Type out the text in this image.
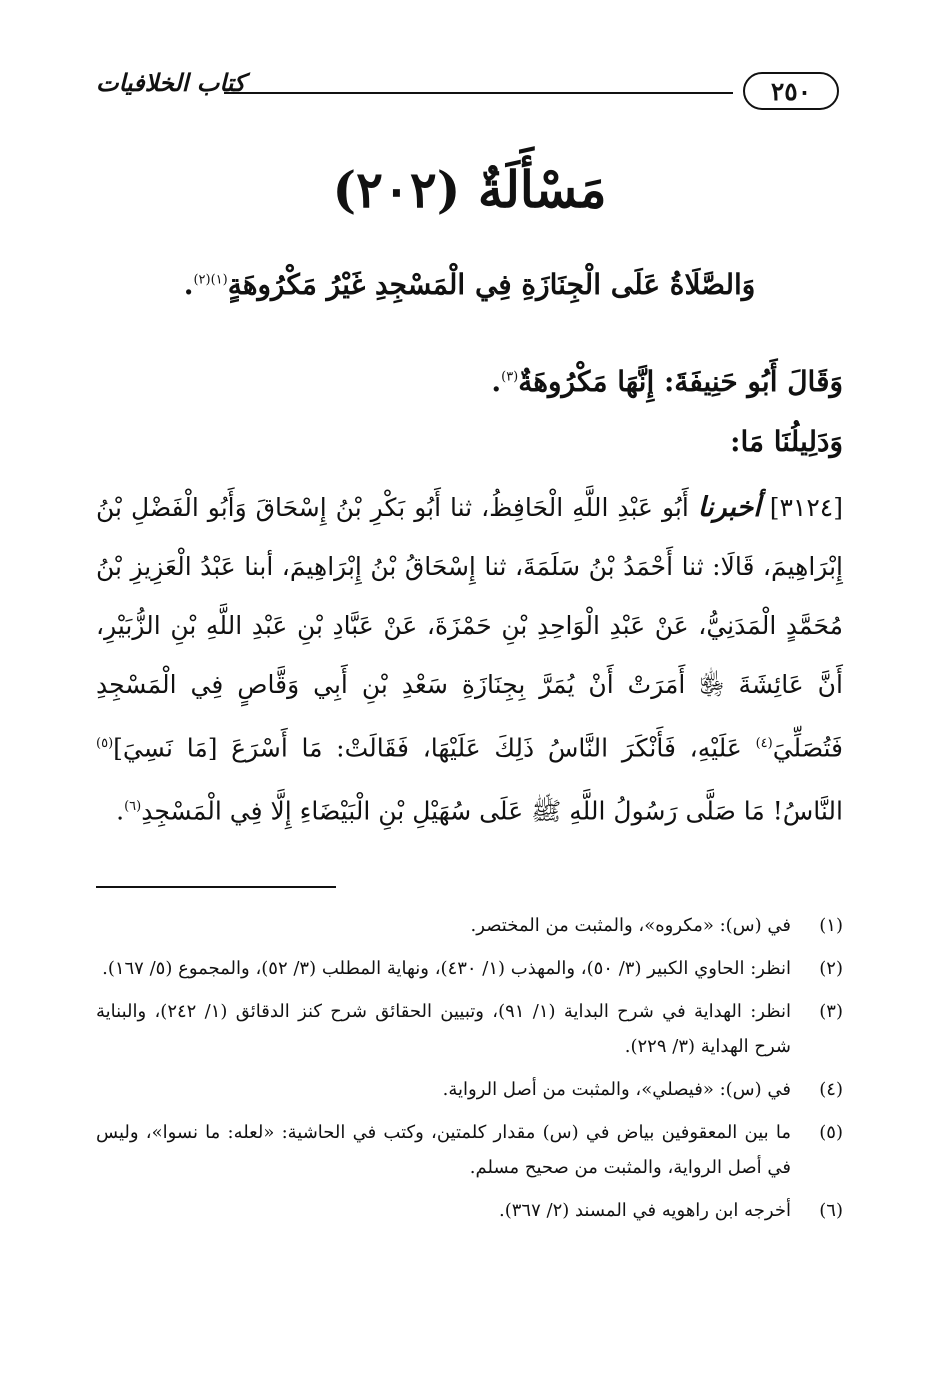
٢٥٠
كتاب الخلافيات
مَسْأَلَةٌ (٢٠٢)
وَالصَّلَاةُ عَلَى الْجِنَازَةِ فِي الْمَسْجِدِ غَيْرُ مَكْرُوهَةٍ$^{(١)(٢)}$.
وَقَالَ أَبُو حَنِيفَةَ: إِنَّهَا مَكْرُوهَةٌ$^{(٣)}$.
وَدَلِيلُنَا مَا:
[٣١٢٤] أخبرنا أَبُو عَبْدِ اللَّهِ الْحَافِظُ، ثنا أَبُو بَكْرِ بْنُ إِسْحَاقَ وَأَبُو الْفَضْلِ بْنُ إِبْرَاهِيمَ، قَالَا: ثنا أَحْمَدُ بْنُ سَلَمَةَ، ثنا إِسْحَاقُ بْنُ إِبْرَاهِيمَ، أبنا عَبْدُ الْعَزِيزِ بْنُ مُحَمَّدٍ الْمَدَنِيُّ، عَنْ عَبْدِ الْوَاحِدِ بْنِ حَمْزَةَ، عَنْ عَبَّادِ بْنِ عَبْدِ اللَّهِ بْنِ الزُّبَيْرِ، أَنَّ عَائِشَةَ ﵂ أَمَرَتْ أَنْ يُمَرَّ بِجِنَازَةِ سَعْدِ بْنِ أَبِي وَقَّاصٍ فِي الْمَسْجِدِ فَتُصَلِّيَ$^{(٤)}$ عَلَيْهِ، فَأَنْكَرَ النَّاسُ ذَلِكَ عَلَيْهَا، فَقَالَتْ: مَا أَسْرَعَ [مَا نَسِيَ]$^{(٥)}$ النَّاسُ! مَا صَلَّى رَسُولُ اللَّهِ ﷺ عَلَى سُهَيْلِ بْنِ الْبَيْضَاءِ إِلَّا فِي الْمَسْجِدِ$^{(٦)}$.
(١)
في (س): «مكروه»، والمثبت من المختصر.
(٢)
انظر: الحاوي الكبير (٣/ ٥٠)، والمهذب (١/ ٤٣٠)، ونهاية المطلب (٣/ ٥٢)، والمجموع (٥/ ١٦٧).
(٣)
انظر: الهداية في شرح البداية (١/ ٩١)، وتبيين الحقائق شرح كنز الدقائق (١/ ٢٤٢)، والبناية شرح الهداية (٣/ ٢٢٩).
(٤)
في (س): «فيصلي»، والمثبت من أصل الرواية.
(٥)
ما بين المعقوفين بياض في (س) مقدار كلمتين، وكتب في الحاشية: «لعله: ما نسوا»، وليس في أصل الرواية، والمثبت من صحيح مسلم.
(٦)
أخرجه ابن راهويه في المسند (٢/ ٣٦٧).
